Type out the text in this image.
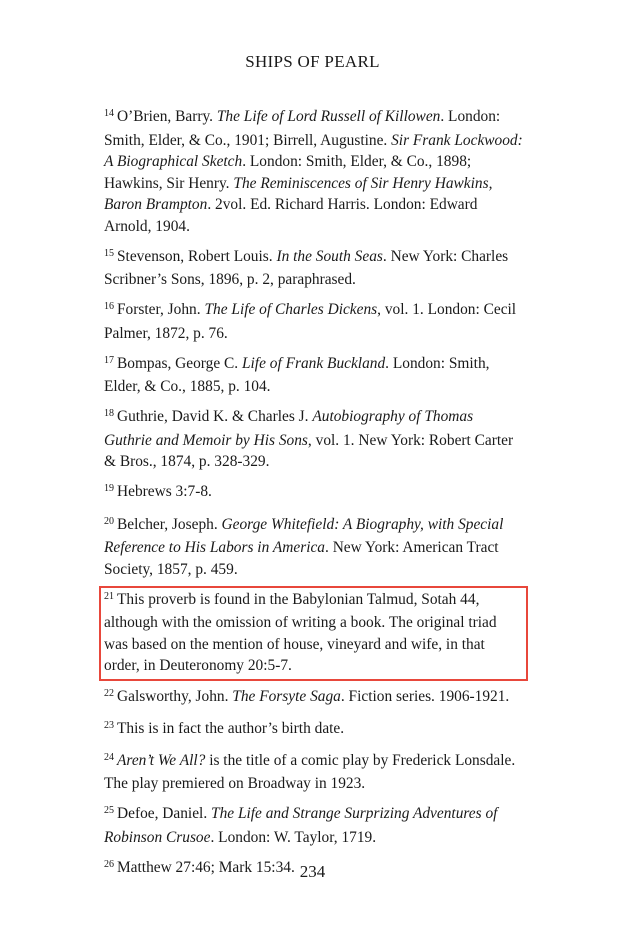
SHIPS OF PEARL

$^{14}$ O’Brien, Barry. The Life of Lord Russell of Killowen. London: Smith, Elder, & Co., 1901; Birrell, Augustine. Sir Frank Lockwood: A Biographical Sketch. London: Smith, Elder, & Co., 1898; Hawkins, Sir Henry. The Reminiscences of Sir Henry Hawkins, Baron Brampton. 2vol. Ed. Richard Harris. London: Edward Arnold, 1904.

$^{15}$ Stevenson, Robert Louis. In the South Seas. New York: Charles Scribner’s Sons, 1896, p. 2, paraphrased.

$^{16}$ Forster, John. The Life of Charles Dickens, vol. 1. London: Cecil Palmer, 1872, p. 76.

$^{17}$ Bompas, George C. Life of Frank Buckland. London: Smith, Elder, & Co., 1885, p. 104.

$^{18}$ Guthrie, David K. & Charles J. Autobiography of Thomas Guthrie and Memoir by His Sons, vol. 1. New York: Robert Carter & Bros., 1874, p. 328-329.

$^{19}$ Hebrews 3:7-8.

$^{20}$ Belcher, Joseph. George Whitefield: A Biography, with Special Reference to His Labors in America. New York: American Tract Society, 1857, p. 459.

$^{21}$ This proverb is found in the Babylonian Talmud, Sotah 44, although with the omission of writing a book. The original triad was based on the mention of house, vineyard and wife, in that order, in Deuteronomy 20:5-7.

$^{22}$ Galsworthy, John. The Forsyte Saga. Fiction series. 1906-1921.

$^{23}$ This is in fact the author’s birth date.

$^{24}$ Aren’t We All? is the title of a comic play by Frederick Lonsdale. The play premiered on Broadway in 1923.

$^{25}$ Defoe, Daniel. The Life and Strange Surprizing Adventures of Robinson Crusoe. London: W. Taylor, 1719.

$^{26}$ Matthew 27:46; Mark 15:34. 234
